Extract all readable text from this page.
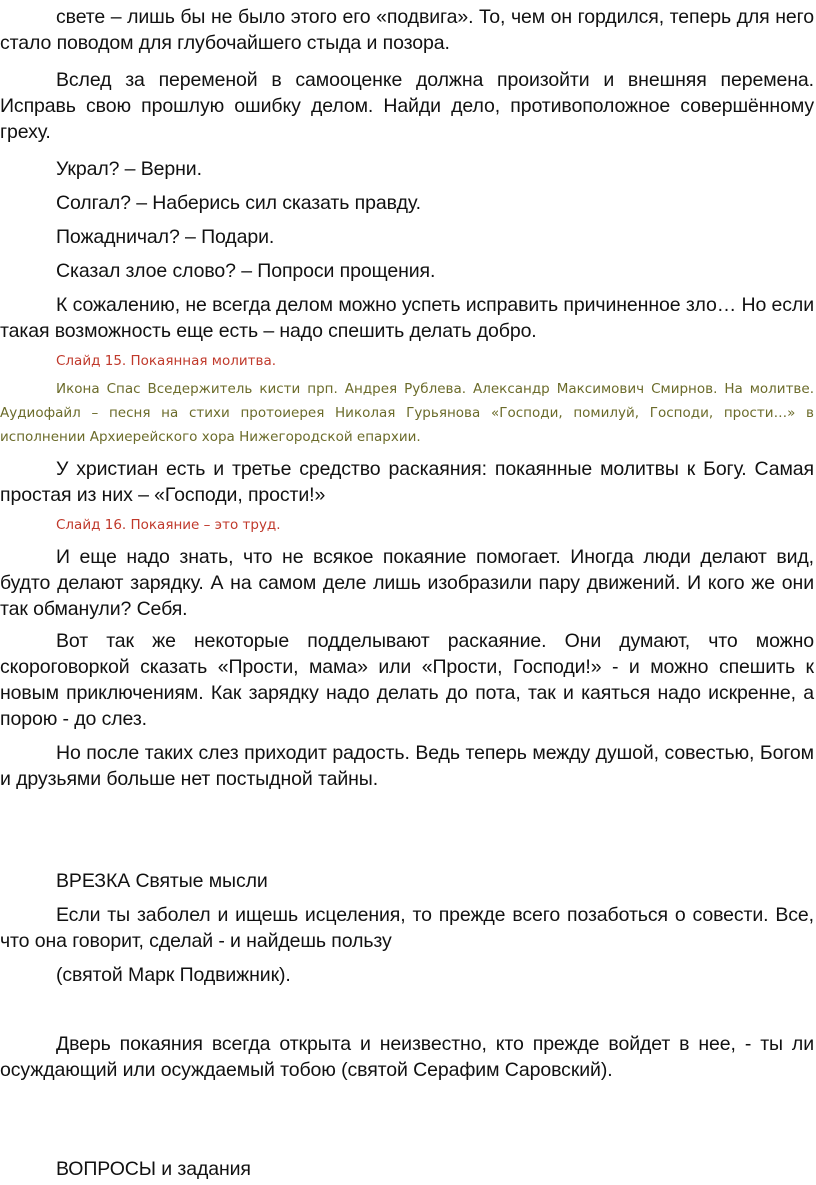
свете – лишь бы не было этого его «подвига». То, чем он гордился, теперь для него стало поводом для глубочайшего стыда и позора.

Вслед за переменой в самооценке должна произойти и внешняя перемена. Исправь свою прошлую ошибку делом. Найди дело, противоположное совершённому греху.

Украл? – Верни.

Солгал? – Наберись сил сказать правду.

Пожадничал? – Подари.

Сказал злое слово? – Попроси прощения.

К сожалению, не всегда делом можно успеть исправить причиненное зло… Но если такая возможность еще есть – надо спешить делать добро.

Слайд 15. Покаянная молитва.

Икона Спас Вседержитель кисти прп. Андрея Рублева. Александр Максимович Смирнов. На молитве. Аудиофайл – песня на стихи протоиерея Николая Гурьянова «Господи, помилуй, Господи, прости…» в исполнении Архиерейского хора Нижегородской епархии.

У христиан есть и третье средство раскаяния: покаянные молитвы к Богу. Самая простая из них – «Господи, прости!»

Слайд 16. Покаяние – это труд.

И еще надо знать, что не всякое покаяние помогает. Иногда люди делают вид, будто делают зарядку. А на самом деле лишь изобразили пару движений. И кого же они так обманули? Себя.

Вот так же некоторые подделывают раскаяние. Они думают, что можно скороговоркой сказать «Прости, мама» или «Прости, Господи!» - и можно спешить к новым приключениям. Как зарядку надо делать до пота, так и каяться надо искренне, а порою - до слез.

Но после таких слез приходит радость. Ведь теперь между душой, совестью, Богом и друзьями больше нет постыдной тайны.

ВРЕЗКА Святые мысли

Если ты заболел и ищешь исцеления, то прежде всего позаботься о совести. Все, что она говорит, сделай - и найдешь пользу

(святой Марк Подвижник).

Дверь покаяния всегда открыта и неизвестно, кто прежде войдет в нее, - ты ли осуждающий или осуждаемый тобою (святой Серафим Саровский).

ВОПРОСЫ и задания
